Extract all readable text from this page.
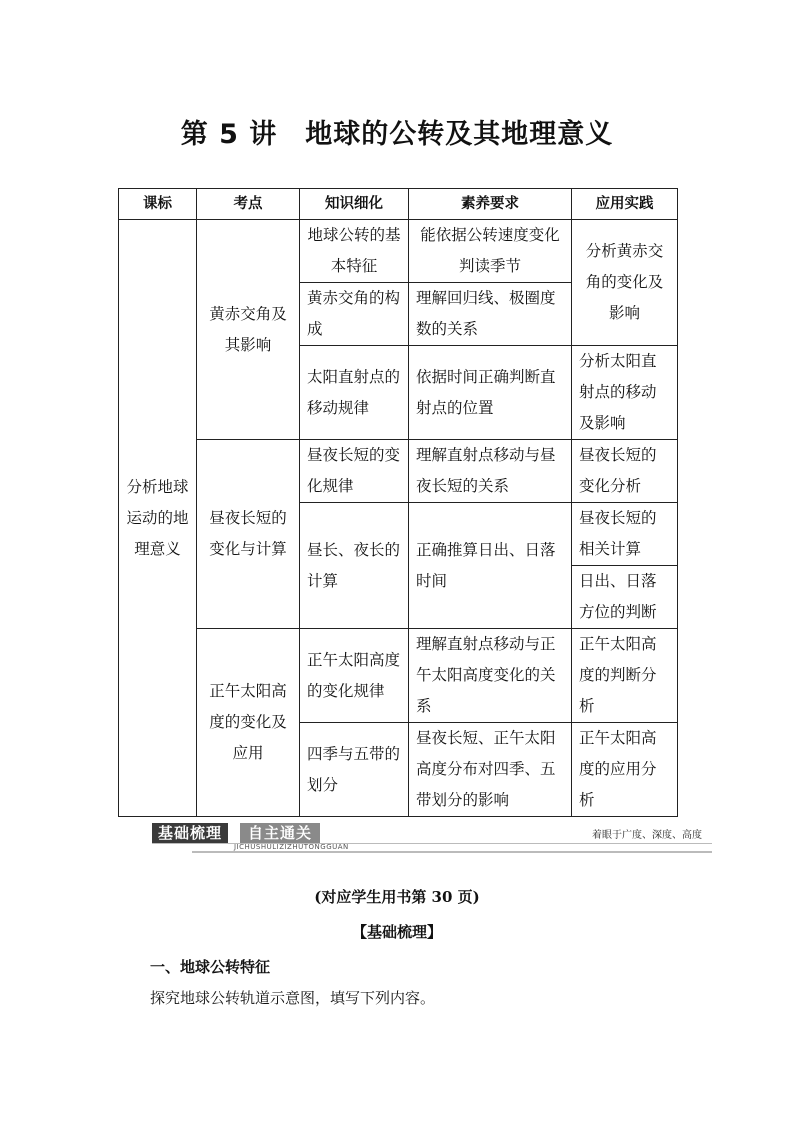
第 5 讲 地球的公转及其地理意义
课标	考点	知识细化	素养要求	应用实践
分析地球运动的地理意义	黄赤交角及其影响	地球公转的基本特征	能依据公转速度变化判读季节	分析黄赤交角的变化及影响
		黄赤交角的构成	理解回归线、极圈度数的关系	
		太阳直射点的移动规律	依据时间正确判断直射点的位置	分析太阳直射点的移动及影响
	昼夜长短的变化与计算	昼夜长短的变化规律	理解直射点移动与昼夜长短的关系	昼夜长短的变化分析
		昼长、夜长的计算	正确推算日出、日落时间	昼夜长短的相关计算
				日出、日落方位的判断
	正午太阳高度的变化及应用	正午太阳高度的变化规律	理解直射点移动与正午太阳高度变化的关系	正午太阳高度的判断分析
		四季与五带的划分	昼夜长短、正午太阳高度分布对四季、五带划分的影响	正午太阳高度的应用分析
基础梳理	自主通关
JICHUSHULIZIZHUTONGGUAN
着眼于广度、深度、高度
(对应学生用书第 30 页)
【基础梳理】
一、地球公转特征
探究地球公转轨道示意图，填写下列内容。
